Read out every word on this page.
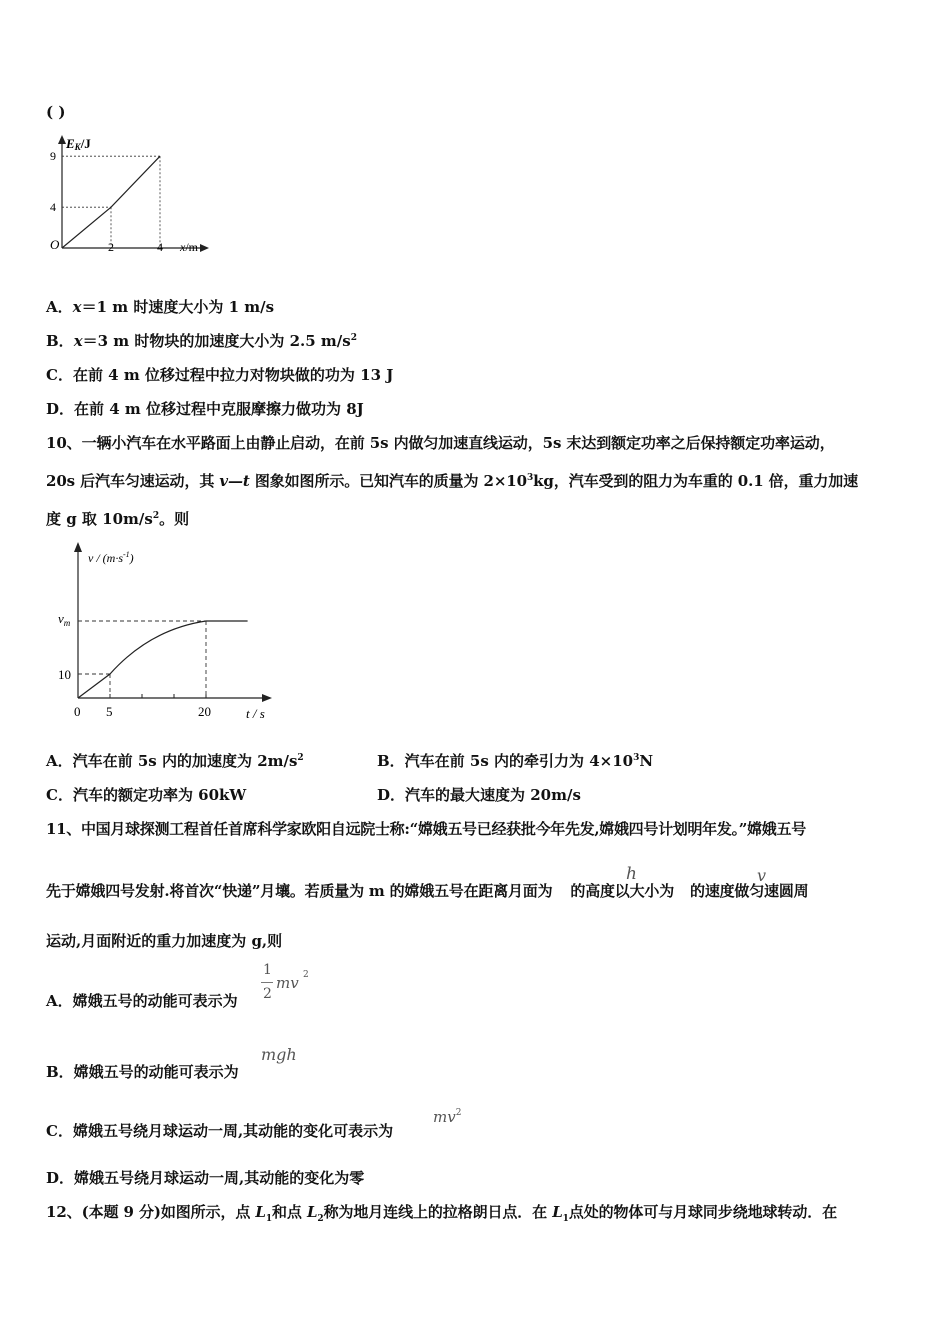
( )
EK/J
9
4
O	2	4 x/m
A．x＝1 m 时速度大小为 1 m/s
B．x＝3 m 时物块的加速度大小为 2.5 $m/s^2$
C．在前 4 m 位移过程中拉力对物块做的功为 13 J
D．在前 4 m 位移过程中克服摩擦力做功为 8J
10、一辆小汽车在水平路面上由静止启动，在前 5s 内做匀加速直线运动，5s 末达到额定功率之后保持额定功率运动，
20s 后汽车匀速运动，其 v—t 图象如图所示。已知汽车的质量为 $2\times 10^3kg$，汽车受到的阻力为车重的 0.1 倍，重力加速
度 g 取 $10m/s^2$。则
$v / (m\cdot s^{-1})$
$v_m$
10
0 5	20	t / s
A．汽车在前 5s 内的加速度为 $2m/s^2$	B．汽车在前 5s 内的牵引力为 $4\times 10^3N$
C．汽车的额定功率为 60kW	D．汽车的最大速度为 20m/s
11、中国月球探测工程首任首席科学家欧阳自远院士称:“嫦娥五号已经获批今年先发,嫦娥四号计划明年发。”嫦娥五号
先于嫦娥四号发射.将首次“快递”月壤。若质量为 m 的嫦娥五号在距离月面为 的高度以大小为 的速度做匀速圆周
h	v
运动,月面附近的重力加速度为 g,则
A．嫦娥五号的动能可表示为
1
2
mv 2
B．嫦娥五号的动能可表示为
mgh
C．嫦娥五号绕月球运动一周,其动能的变化可表示为
$mv^2$
D．嫦娥五号绕月球运动一周,其动能的变化为零
12、(本题 9 分)如图所示，点 $L_1$和点 $L_2$称为地月连线上的拉格朗日点．在 $L_1$点处的物体可与月球同步绕地球转动．在
